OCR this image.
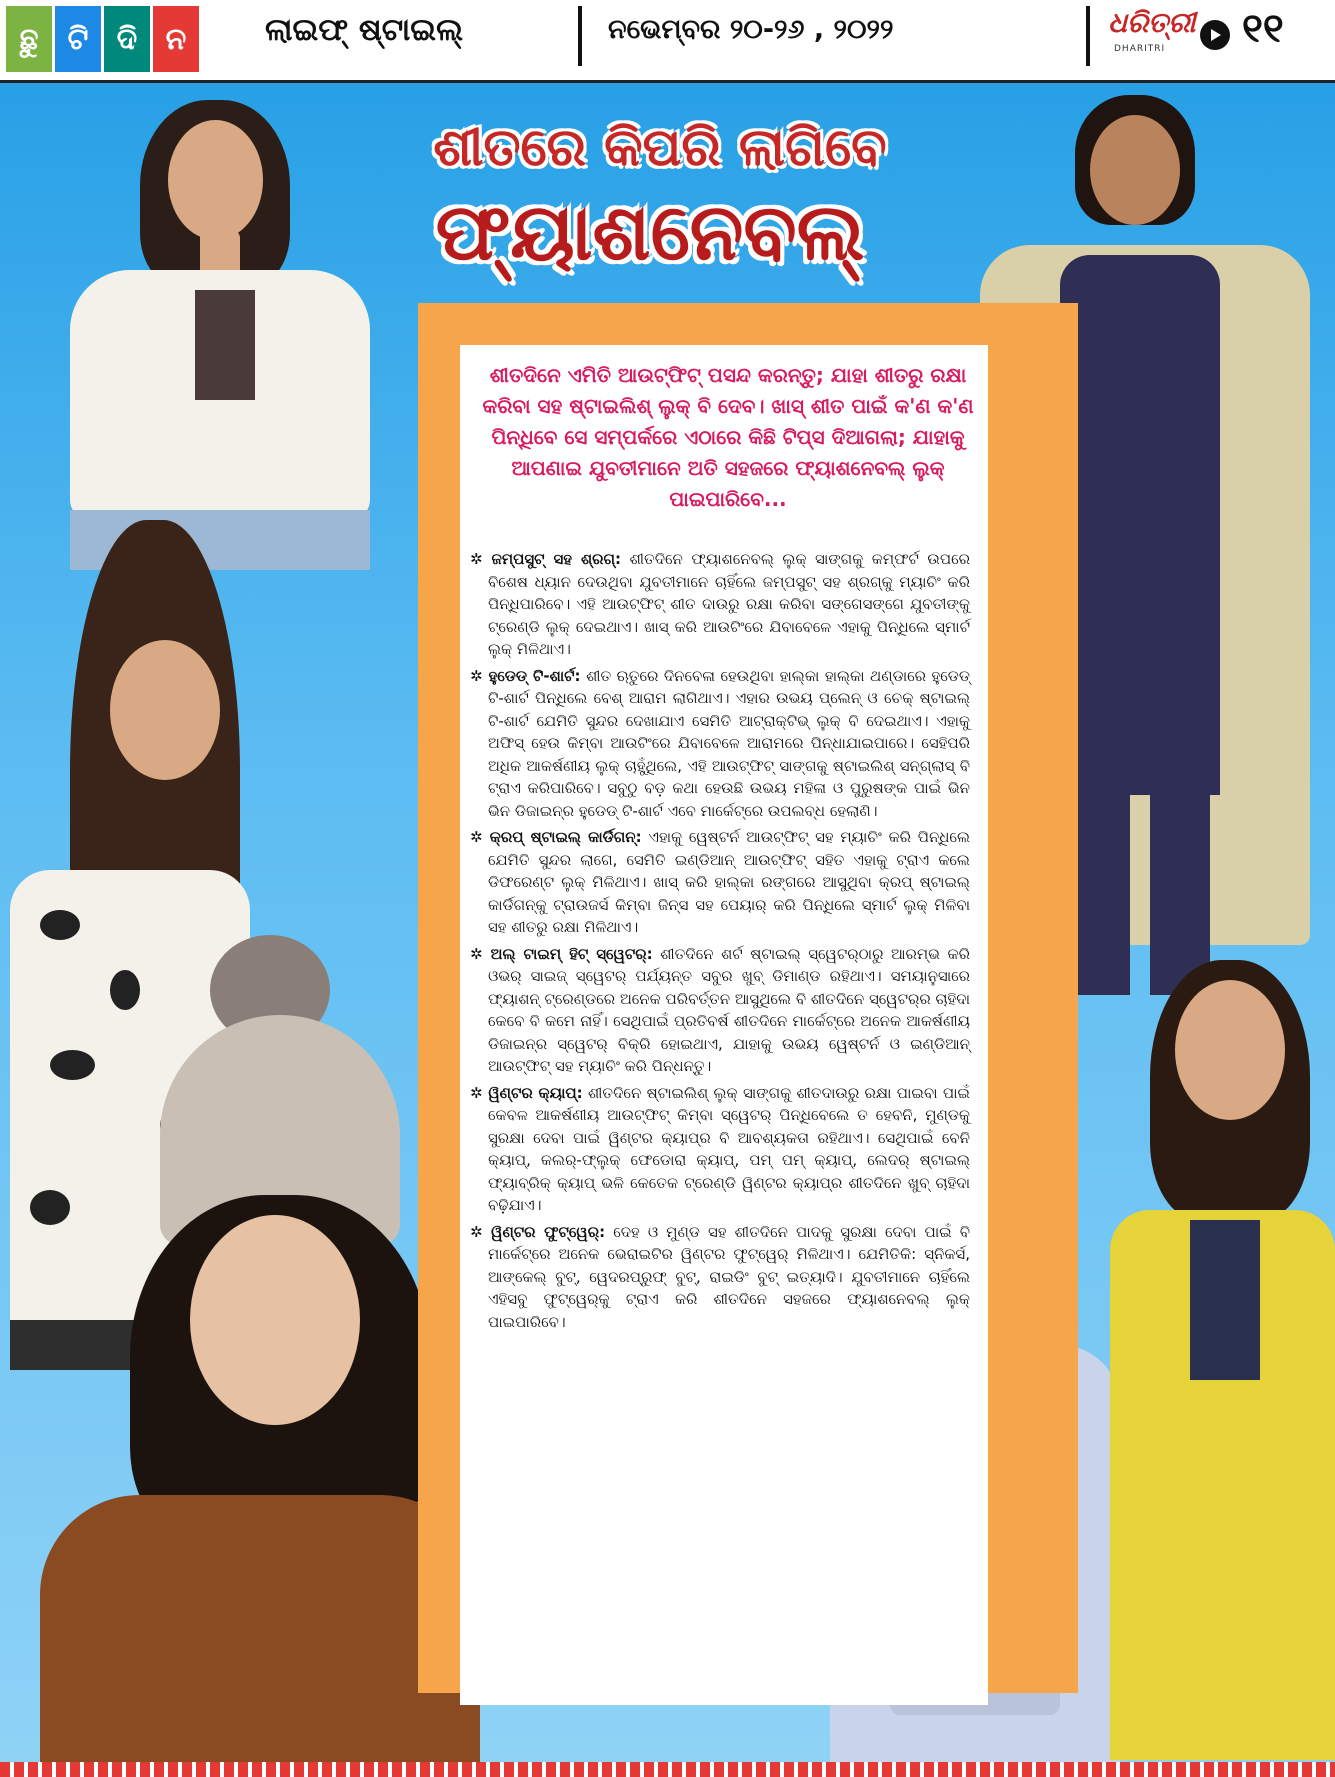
ଛୁ ଟି ଦି ନ	ଲାଇଫ୍ ଷ୍ଟାଇଲ୍	ନଭେମ୍ବର ୨୦-୨୬ , ୨୦୨୨	ଧରିତ୍ରୀ
DHARITRI ୧୧
ଶୀତରେ କିପରି ଲାଗିବେ
ଫ୍ୟାଶନେବଲ୍
ଶୀତଦିନେ ଏମିତି ଆଉଟ୍‌ଫିଟ୍ ପସନ୍ଦ କରନ୍ତୁ; ଯାହା ଶୀତରୁ ରକ୍ଷା କରିବା ସହ ଷ୍ଟାଇଲିଶ୍ ଲୁକ୍ ବି ଦେବ। ଖାସ୍ ଶୀତ ପାଇଁ କ'ଣ କ'ଣ ପିନ୍ଧିବେ ସେ ସମ୍ପର୍କରେ ଏଠାରେ କିଛି ଟିପ୍ସ ଦିଆଗଲା; ଯାହାକୁ ଆପଣାଇ ଯୁବତୀମାନେ ଅତି ସହଜରେ ଫ୍ୟାଶନେବଲ୍ ଲୁକ୍ ପାଇପାରିବେ...

✲ ଜମ୍ପସୁଟ୍ ସହ ଶ୍ରଗ୍: ଶୀତଦିନେ ଫ୍ୟାଶନେବଲ୍ ଲୁକ୍ ସାଙ୍ଗକୁ କମ୍ଫର୍ଟ ଉପରେ ବିଶେଷ ଧ୍ୟାନ ଦେଉଥିବା ଯୁବତୀମାନେ ଚାହିଁଲେ ଜମ୍ପସୁଟ୍ ସହ ଶ୍ରଗ୍‌କୁ ମ୍ୟାଚିଂ କରି ପିନ୍ଧିପାରିବେ। ଏହି ଆଉଟ୍‌ଫିଟ୍ ଶୀତ ଦାଉରୁ ରକ୍ଷା କରିବା ସଙ୍ଗେସଙ୍ଗେ ଯୁବତୀଙ୍କୁ ଟ୍ରେଣ୍ଡି ଲୁକ୍ ଦେଇଥାଏ। ଖାସ୍ କରି ଆଉଟିଂରେ ଯିବାବେଳେ ଏହାକୁ ପିନ୍ଧିଲେ ସ୍ମାର୍ଟ ଲୁକ୍ ମିଳିଥାଏ।

✲ ହୁଡେଡ୍ ଟି-ଶାର୍ଟ: ଶୀତ ଋତୁରେ ଦିନବେଳା ହେଉଥିବା ହାଲ୍କା ହାଲ୍କା ଥଣ୍ଡାରେ ହୁଡେଡ୍ ଟି-ଶାର୍ଟ ପିନ୍ଧିଲେ ବେଶ୍ ଆରାମ ଲାଗିଥାଏ। ଏହାର ଉଭୟ ପ୍ଲେନ୍ ଓ ଚେକ୍ ଷ୍ଟାଇଲ୍ ଟି-ଶାର୍ଟ ଯେମିତି ସୁନ୍ଦର ଦେଖାଯାଏ ସେମିତି ଆଟ୍ରାକ୍ଟିଭ୍ ଲୁକ୍ ବି ଦେଇଥାଏ। ଏହାକୁ ଅଫିସ୍ ହେଉ କିମ୍ବା ଆଉଟିଂରେ ଯିବାବେଳେ ଆରାମରେ ପିନ୍ଧାଯାଇପାରେ। ସେହିପରି ଅଧିକ ଆକର୍ଷଣୀୟ ଲୁକ୍ ଚାହୁଁଥିଲେ, ଏହି ଆଉଟ୍‌ଫିଟ୍ ସାଙ୍ଗକୁ ଷ୍ଟାଇଲିଶ୍ ସନ୍‌ଗ୍ଲାସ୍ ବି ଟ୍ରାଏ କରିପାରିବେ। ସବୁଠୁ ବଡ଼ କଥା ହେଉଛି ଉଭୟ ମହିଳା ଓ ପୁରୁଷଙ୍କ ପାଇଁ ଭିନ ଭିନ ଡିଜାଇନ୍‌ର ହୁଡେଡ୍ ଟି-ଶାର୍ଟ ଏବେ ମାର୍କେଟ୍‌ରେ ଉପଲବ୍ଧ ହେଲାଣି।

✲ କ୍ରପ୍ ଷ୍ଟାଇଲ୍ କାର୍ଡିଗନ୍: ଏହାକୁ ୱେଷ୍ଟର୍ନ ଆଉଟ୍‌ଫିଟ୍ ସହ ମ୍ୟାଚିଂ କରି ପିନ୍ଧିଲେ ଯେମିତି ସୁନ୍ଦର ଲାଗେ, ସେମିତି ଇଣ୍ଡିଆନ୍ ଆଉଟ୍‌ଫିଟ୍ ସହିତ ଏହାକୁ ଟ୍ରାଏ କଲେ ଡିଫରେଣ୍ଟ ଲୁକ୍ ମିଳିଥାଏ। ଖାସ୍ କରି ହାଲ୍କା ରଙ୍ଗରେ ଆସୁଥିବା କ୍ରପ୍ ଷ୍ଟାଇଲ୍ କାର୍ଡିଗନ୍‌କୁ ଟ୍ରାଉଜର୍ସ କିମ୍ବା ଜିନ୍ସ ସହ ପେୟାର୍ କରି ପିନ୍ଧିଲେ ସ୍ମାର୍ଟ ଲୁକ୍ ମିଳିବା ସହ ଶୀତରୁ ରକ୍ଷା ମିଳିଥାଏ।

✲ ଅଲ୍ ଟାଇମ୍ ହିଟ୍ ସ୍ୱେଟର୍: ଶୀତଦିନେ ଶର୍ଟ ଷ୍ଟାଇଲ୍ ସ୍ୱେଟର୍‌ଠାରୁ ଆରମ୍ଭ କରି ଓଭର୍ ସାଇଜ୍ ସ୍ୱେଟର୍ ପର୍ଯ୍ୟନ୍ତ ସବୁର ଖୁବ୍ ଡିମାଣ୍ଡ ରହିଥାଏ। ସମୟାନୁସାରେ ଫ୍ୟାଶନ୍ ଟ୍ରେଣ୍ଡରେ ଅନେକ ପରିବର୍ତ୍ତନ ଆସୁଥିଲେ ବି ଶୀତଦିନେ ସ୍ୱେଟର୍‌ର ଚାହିଦା କେବେ ବି କମେ ନାହିଁ। ସେଥିପାଇଁ ପ୍ରତିବର୍ଷ ଶୀତଦିନେ ମାର୍କେଟ୍‌ରେ ଅନେକ ଆକର୍ଷଣୀୟ ଡିଜାଇନ୍‌ର ସ୍ୱେଟର୍ ବିକ୍ରି ହୋଇଥାଏ, ଯାହାକୁ ଉଭୟ ୱେଷ୍ଟର୍ନ ଓ ଇଣ୍ଡିଆନ୍ ଆଉଟ୍‌ଫିଟ୍ ସହ ମ୍ୟାଚିଂ କରି ପିନ୍ଧନ୍ତୁ।

✲ ୱିଣ୍ଟର କ୍ୟାପ୍: ଶୀତଦିନେ ଷ୍ଟାଇଲିଶ୍ ଲୁକ୍ ସାଙ୍ଗକୁ ଶୀତଦାଉରୁ ରକ୍ଷା ପାଇବା ପାଇଁ କେବଳ ଆକର୍ଷଣୀୟ ଆଉଟ୍‌ଫିଟ୍ କିମ୍ବା ସ୍ୱେଟର୍ ପିନ୍ଧିବେଲେ ତ ହେବନି, ମୁଣ୍ଡକୁ ସୁରକ୍ଷା ଦେବା ପାଇଁ ୱିଣ୍ଟର କ୍ୟାପ୍‌ର ବି ଆବଶ୍ୟକତା ରହିଥାଏ। ସେଥିପାଇଁ ବେନି କ୍ୟାପ୍, କଲର୍-ଫ୍ଲୁକ୍ ଫେଡୋରା କ୍ୟାପ୍, ପମ୍ ପମ୍ କ୍ୟାପ୍, ଲେଦର୍ ଷ୍ଟାଇଲ୍ ଫ୍ୟାବ୍ରିକ୍ କ୍ୟାପ୍ ଭଳି କେତେକ ଟ୍ରେଣ୍ଡି ୱିଣ୍ଟର କ୍ୟାପ୍‌ର ଶୀତଦିନେ ଖୁବ୍ ଚାହିଦା ବଢ଼ିଯାଏ।

✲ ୱିଣ୍ଟର ଫୁଟ୍‌ୱେର୍: ଦେହ ଓ ମୁଣ୍ଡ ସହ ଶୀତଦିନେ ପାଦକୁ ସୁରକ୍ଷା ଦେବା ପାଇଁ ବି ମାର୍କେଟ୍‌ରେ ଅନେକ ଭେରାଇଟିର ୱିଣ୍ଟର ଫୁଟ୍‌ୱେର୍ ମିଳିଥାଏ। ଯେମିତିକି: ସ୍ନିକର୍ସ, ଆଙ୍କେଲ୍ ବୁଟ୍, ୱେଦରପ୍ରୁଫ୍ ବୁଟ୍, ରାଇଡିଂ ବୁଟ୍ ଇତ୍ୟାଦି। ଯୁବତୀମାନେ ଚାହିଁଲେ ଏହିସବୁ ଫୁଟ୍‌ୱେର୍‌କୁ ଟ୍ରାଏ କରି ଶୀତଦିନେ ସହଜରେ ଫ୍ୟାଶନେବଲ୍ ଲୁକ୍ ପାଇପାରିବେ।
